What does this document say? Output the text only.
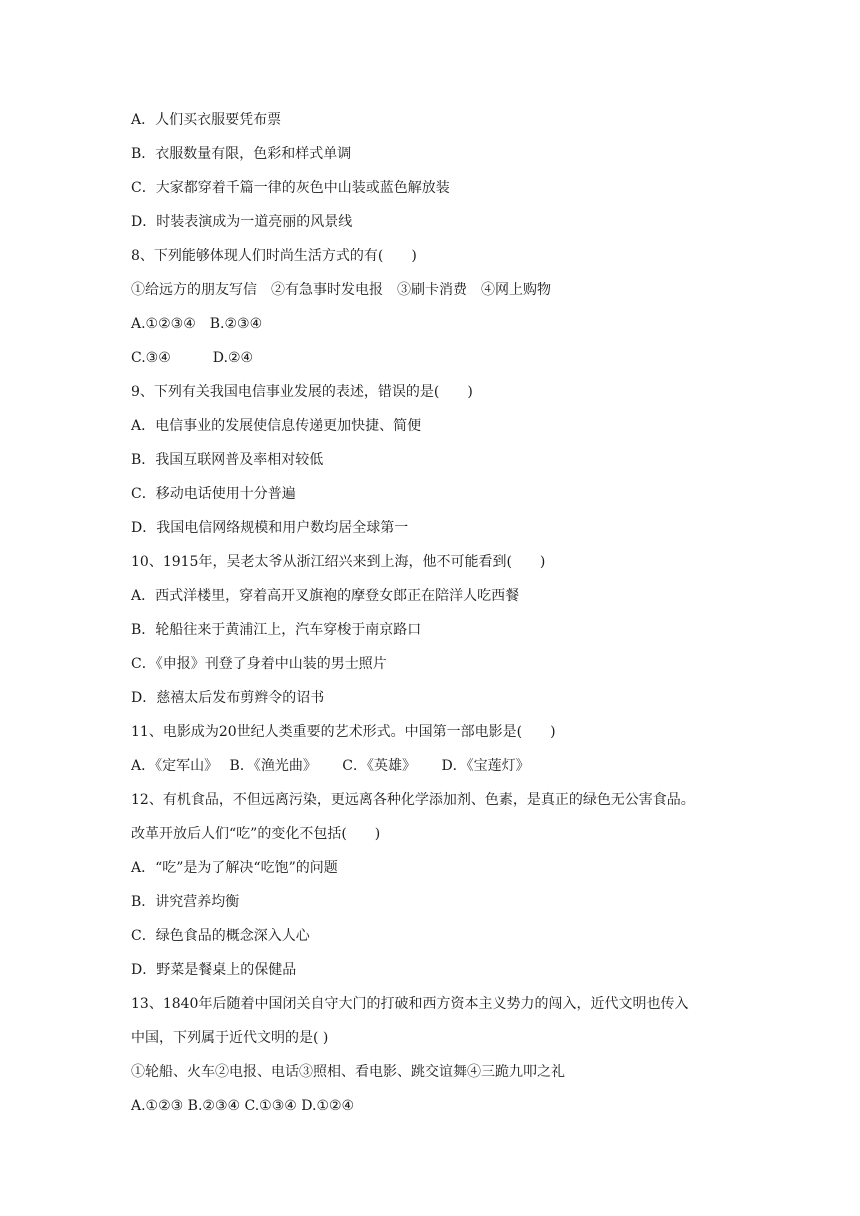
A．人们买衣服要凭布票
B．衣服数量有限，色彩和样式单调
C．大家都穿着千篇一律的灰色中山装或蓝色解放装
D．时装表演成为一道亮丽的风景线
8、下列能够体现人们时尚生活方式的有(　　)
①给远方的朋友写信　②有急事时发电报　③刷卡消费　④网上购物
A.①②③④　B.②③④
C.③④　　　D.②④
9、下列有关我国电信事业发展的表述，错误的是(　　)
A．电信事业的发展使信息传递更加快捷、简便
B．我国互联网普及率相对较低
C．移动电话使用十分普遍
D．我国电信网络规模和用户数均居全球第一
10、1915年，吴老太爷从浙江绍兴来到上海，他不可能看到(　　)
A．西式洋楼里，穿着高开叉旗袍的摩登女郎正在陪洋人吃西餐
B．轮船往来于黄浦江上，汽车穿梭于南京路口
C．《申报》刊登了身着中山装的男士照片
D．慈禧太后发布剪辫令的诏书
11、电影成为20世纪人类重要的艺术形式。中国第一部电影是(　　)
A．《定军山》　 B．《渔光曲》　　 C．《英雄》　　 D．《宝莲灯》
12、有机食品，不但远离污染，更远离各种化学添加剂、色素，是真正的绿色无公害食品。
改革开放后人们“吃”的变化不包括(　　)
A．“吃”是为了解决“吃饱”的问题
B．讲究营养均衡
C．绿色食品的概念深入人心
D．野菜是餐桌上的保健品
13、1840年后随着中国闭关自守大门的打破和西方资本主义势力的闯入，近代文明也传入
中国，下列属于近代文明的是( )
①轮船、火车②电报、电话③照相、看电影、跳交谊舞④三跪九叩之礼
A.①②③ B.②③④ C.①③④ D.①②④
